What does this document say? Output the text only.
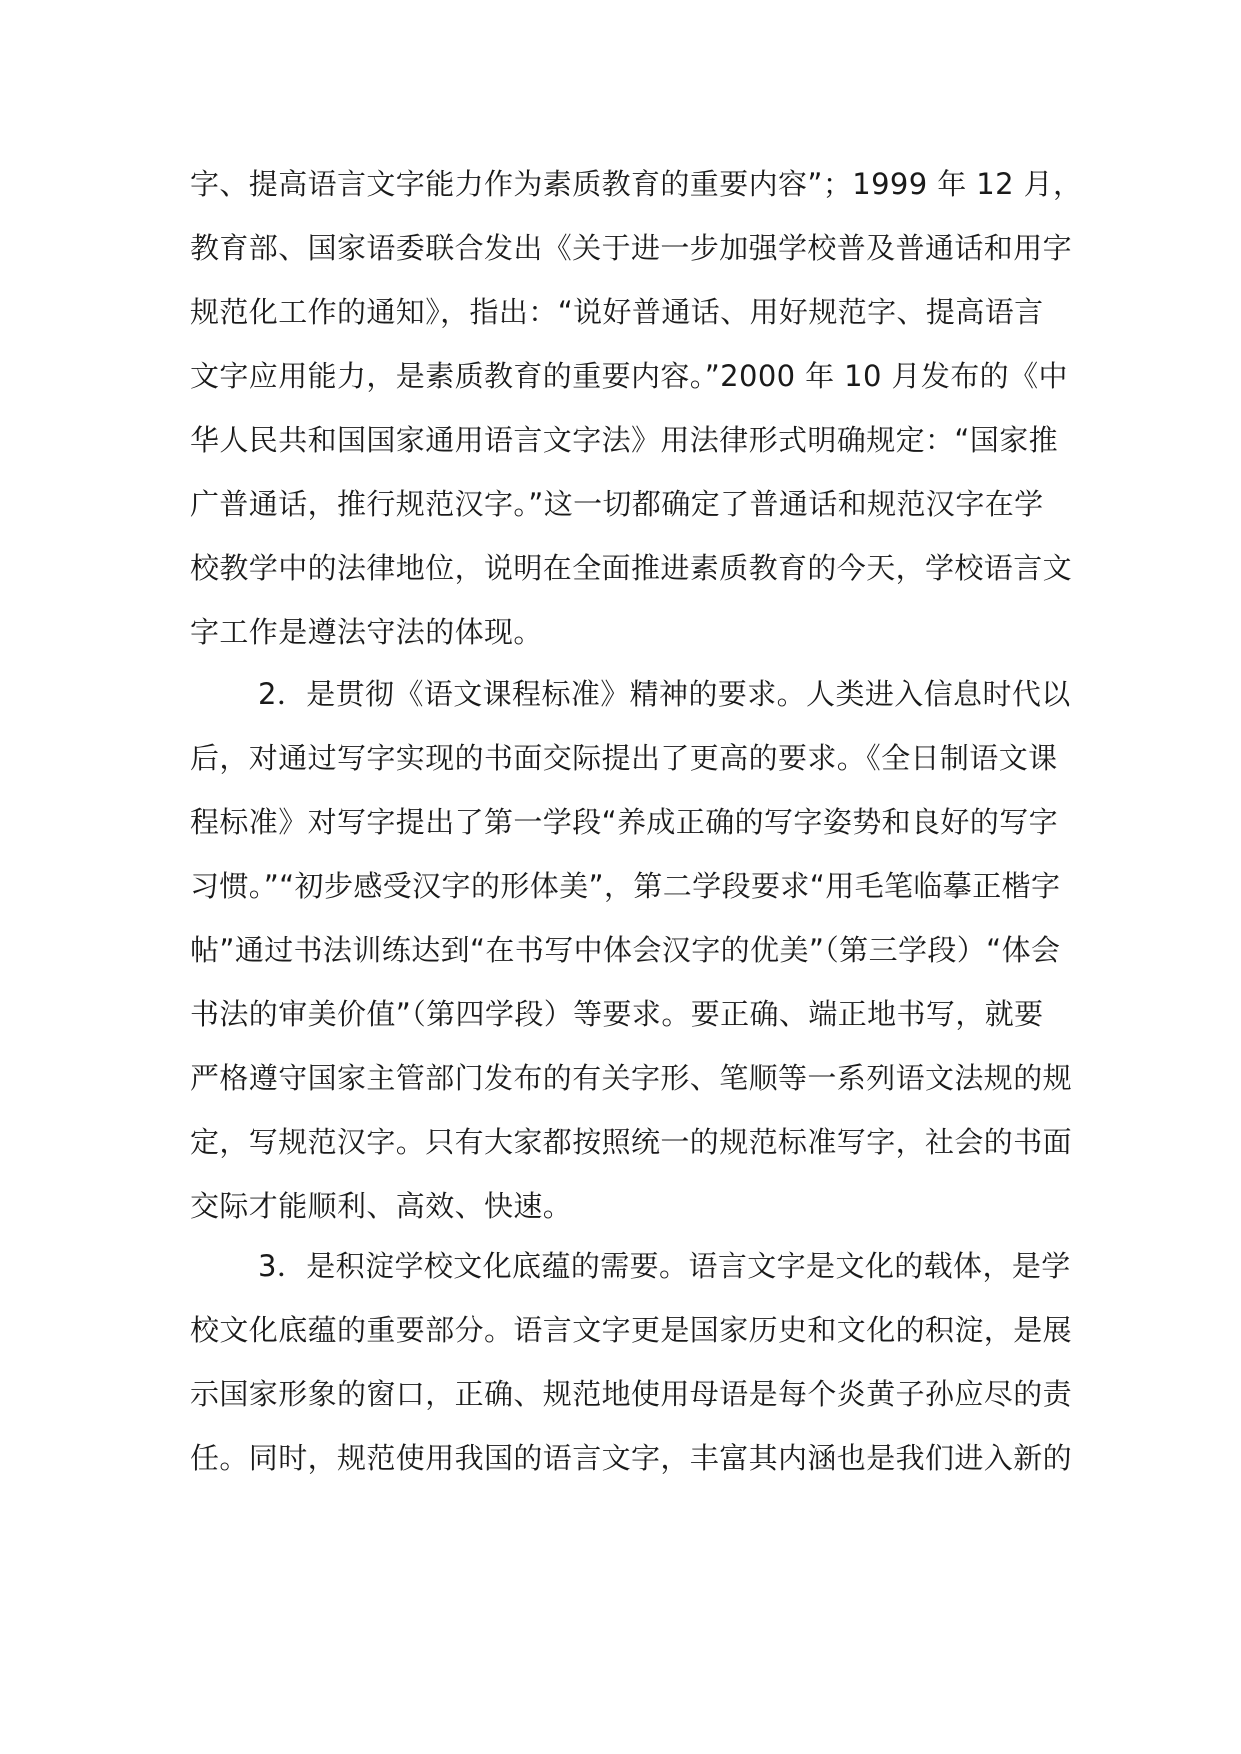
字、提高语言文字能力作为素质教育的重要内容”；1999 年 12 月，
教育部、国家语委联合发出《关于进一步加强学校普及普通话和用字
规范化工作的通知》，指出：“说好普通话、用好规范字、提高语言
文字应用能力，是素质教育的重要内容。”2000 年 10 月发布的《中
华人民共和国国家通用语言文字法》用法律形式明确规定：“国家推
广普通话，推行规范汉字。”这一切都确定了普通话和规范汉字在学
校教学中的法律地位，说明在全面推进素质教育的今天，学校语言文
字工作是遵法守法的体现。
2．是贯彻《语文课程标准》精神的要求。人类进入信息时代以
后，对通过写字实现的书面交际提出了更高的要求。《全日制语文课
程标准》对写字提出了第一学段“养成正确的写字姿势和良好的写字
习惯。”“初步感受汉字的形体美”，第二学段要求“用毛笔临摹正楷字
帖”通过书法训练达到“在书写中体会汉字的优美”（第三学段）“体会
书法的审美价值”（第四学段）等要求。要正确、端正地书写，就要
严格遵守国家主管部门发布的有关字形、笔顺等一系列语文法规的规
定，写规范汉字。只有大家都按照统一的规范标准写字，社会的书面
交际才能顺利、高效、快速。
3．是积淀学校文化底蕴的需要。语言文字是文化的载体，是学
校文化底蕴的重要部分。语言文字更是国家历史和文化的积淀，是展
示国家形象的窗口，正确、规范地使用母语是每个炎黄子孙应尽的责
任。同时，规范使用我国的语言文字，丰富其内涵也是我们进入新的
